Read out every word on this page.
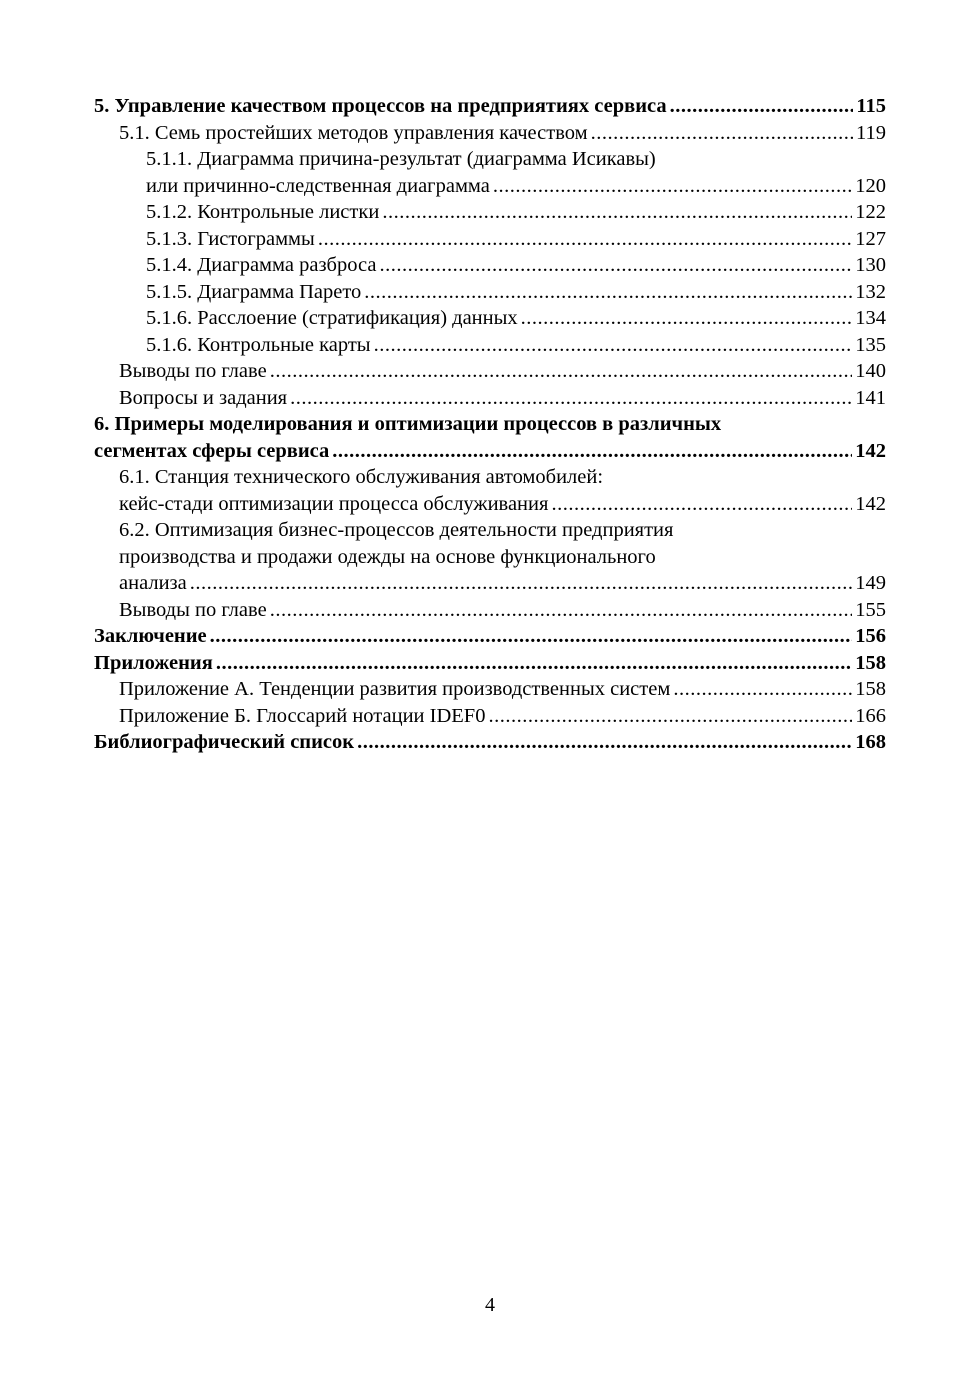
5. Управление качеством процессов на предприятиях сервиса .....	115
5.1. Семь простейших методов управления качеством .....	119
5.1.1. Диаграмма причина-результат (диаграмма Исикавы)
или причинно-следственная диаграмма .....	120
5.1.2. Контрольные листки .....	122
5.1.3. Гистограммы .....	127
5.1.4. Диаграмма разброса .....	130
5.1.5. Диаграмма Парето .....	132
5.1.6. Расслоение (стратификация) данных .....	134
5.1.6. Контрольные карты .....	135
Выводы по главе .....	140
Вопросы и задания .....	141
6. Примеры моделирования и оптимизации процессов в различных
сегментах сферы сервиса .....	142
6.1. Станция технического обслуживания автомобилей:
кейс-стади оптимизации процесса обслуживания .....	142
6.2. Оптимизация бизнес-процессов деятельности предприятия
производства и продажи одежды на основе функционального
анализа .....	149
Выводы по главе .....	155
Заключение .....	156
Приложения .....	158
Приложение А. Тенденции развития производственных систем .....	158
Приложение Б. Глоссарий нотации IDEF0 .....	166
Библиографический список .....	168
4
